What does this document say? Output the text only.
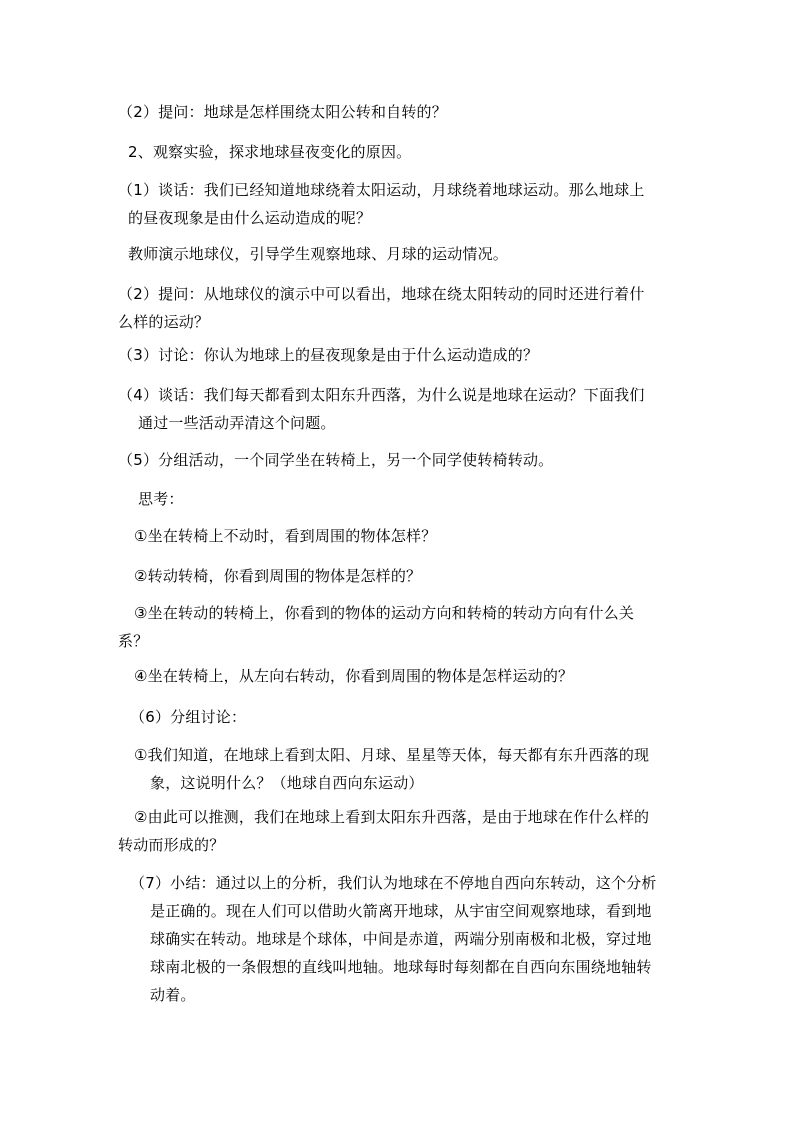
（2）提问：地球是怎样围绕太阳公转和自转的？
2、观察实验，探求地球昼夜变化的原因。
（1）谈话：我们已经知道地球绕着太阳运动，月球绕着地球运动。那么地球上
的昼夜现象是由什么运动造成的呢？
教师演示地球仪，引导学生观察地球、月球的运动情况。
（2）提问：从地球仪的演示中可以看出，地球在绕太阳转动的同时还进行着什
么样的运动？
（3）讨论：你认为地球上的昼夜现象是由于什么运动造成的？
（4）谈话：我们每天都看到太阳东升西落，为什么说是地球在运动？下面我们
通过一些活动弄清这个问题。
（5）分组活动，一个同学坐在转椅上，另一个同学使转椅转动。
思考：
①坐在转椅上不动时，看到周围的物体怎样？
②转动转椅，你看到周围的物体是怎样的？
③坐在转动的转椅上，你看到的物体的运动方向和转椅的转动方向有什么关
系？
④坐在转椅上，从左向右转动，你看到周围的物体是怎样运动的？
（6）分组讨论：
①我们知道，在地球上看到太阳、月球、星星等天体，每天都有东升西落的现
象，这说明什么？（地球自西向东运动）
②由此可以推测，我们在地球上看到太阳东升西落，是由于地球在作什么样的
转动而形成的？
（7）小结：通过以上的分析，我们认为地球在不停地自西向东转动，这个分析
是正确的。现在人们可以借助火箭离开地球，从宇宙空间观察地球，看到地
球确实在转动。地球是个球体，中间是赤道，两端分别南极和北极，穿过地
球南北极的一条假想的直线叫地轴。地球每时每刻都在自西向东围绕地轴转
动着。
